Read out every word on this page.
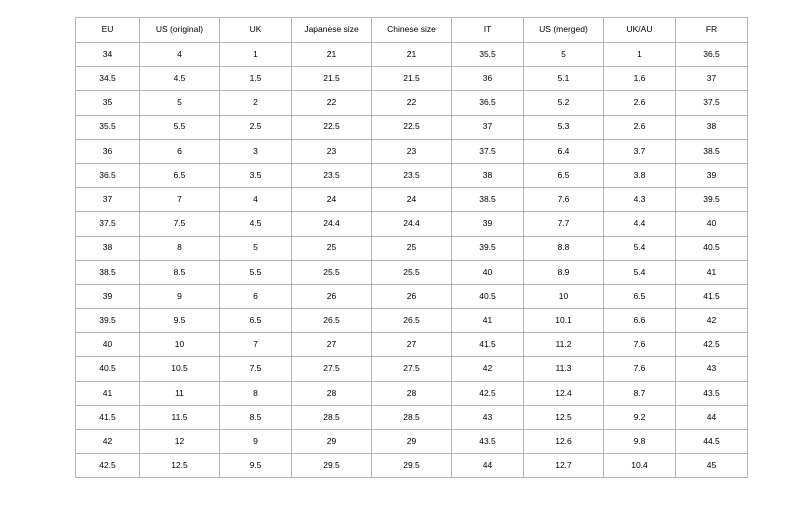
EU	US (original)	UK	Japanese size	Chinese size	IT	US (merged)	UK/AU	FR
34	4	1	21	21	35.5	5	1	36.5
34.5	4.5	1.5	21.5	21.5	36	5.1	1.6	37
35	5	2	22	22	36.5	5.2	2.6	37.5
35.5	5.5	2.5	22.5	22.5	37	5.3	2.6	38
36	6	3	23	23	37.5	6.4	3.7	38.5
36.5	6.5	3.5	23.5	23.5	38	6.5	3.8	39
37	7	4	24	24	38.5	7.6	4.3	39.5
37.5	7.5	4.5	24.4	24.4	39	7.7	4.4	40
38	8	5	25	25	39.5	8.8	5.4	40.5
38.5	8.5	5.5	25.5	25.5	40	8.9	5.4	41
39	9	6	26	26	40.5	10	6.5	41.5
39.5	9.5	6.5	26.5	26.5	41	10.1	6.6	42
40	10	7	27	27	41.5	11.2	7.6	42.5
40.5	10.5	7.5	27.5	27.5	42	11.3	7.6	43
41	11	8	28	28	42.5	12.4	8.7	43.5
41.5	11.5	8.5	28.5	28.5	43	12.5	9.2	44
42	12	9	29	29	43.5	12.6	9.8	44.5
42.5	12.5	9.5	29.5	29.5	44	12.7	10.4	45
